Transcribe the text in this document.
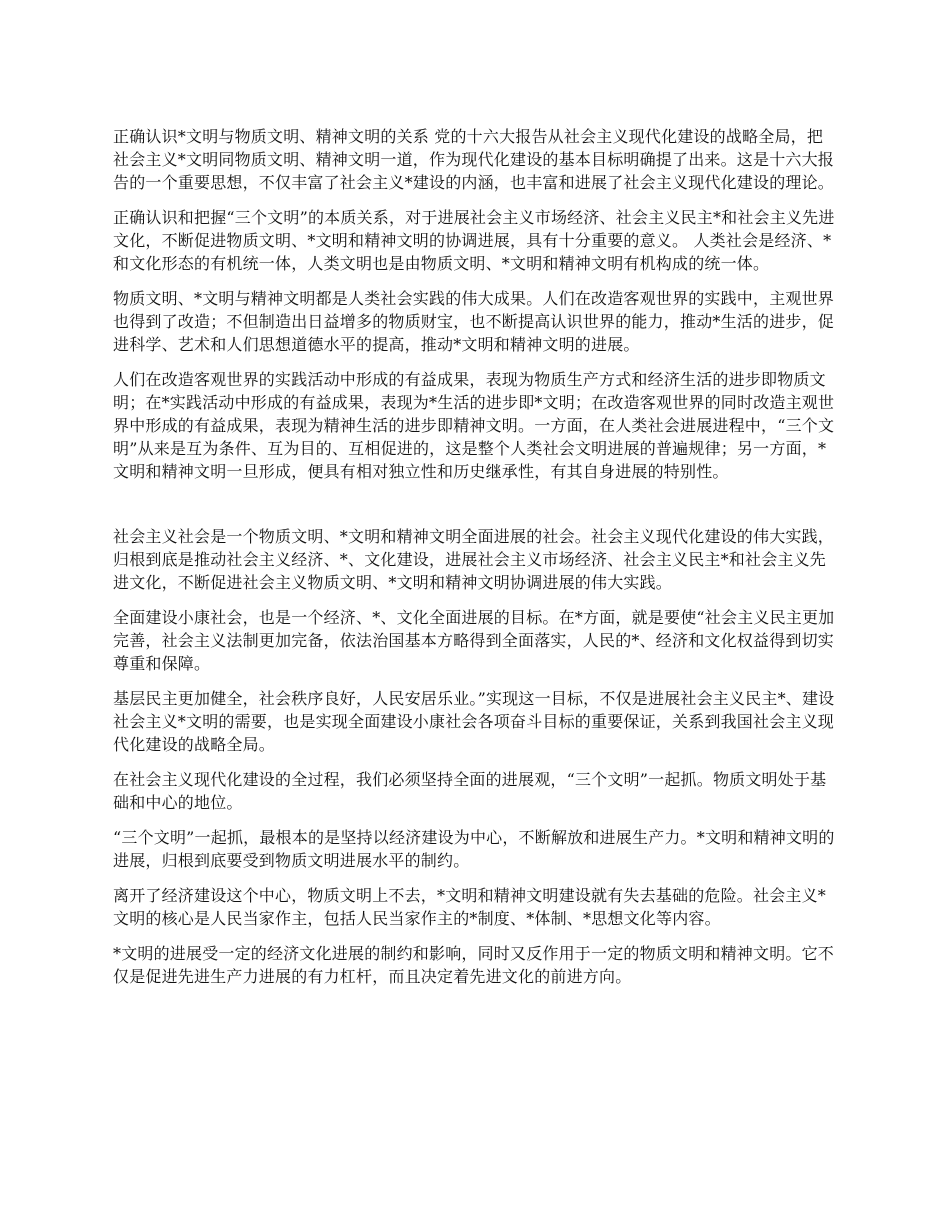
正确认识*文明与物质文明、精神文明的关系 党的十六大报告从社会主义现代化建设的战略全局，把社会主义*文明同物质文明、精神文明一道，作为现代化建设的基本目标明确提了出来。这是十六大报告的一个重要思想，不仅丰富了社会主义*建设的内涵，也丰富和进展了社会主义现代化建设的理论。

正确认识和把握“三个文明”的本质关系，对于进展社会主义市场经济、社会主义民主*和社会主义先进文化，不断促进物质文明、*文明和精神文明的协调进展，具有十分重要的意义。 人类社会是经济、*和文化形态的有机统一体，人类文明也是由物质文明、*文明和精神文明有机构成的统一体。

物质文明、*文明与精神文明都是人类社会实践的伟大成果。人们在改造客观世界的实践中，主观世界也得到了改造；不但制造出日益增多的物质财宝，也不断提高认识世界的能力，推动*生活的进步，促进科学、艺术和人们思想道德水平的提高，推动*文明和精神文明的进展。

人们在改造客观世界的实践活动中形成的有益成果，表现为物质生产方式和经济生活的进步即物质文明；在*实践活动中形成的有益成果，表现为*生活的进步即*文明；在改造客观世界的同时改造主观世界中形成的有益成果，表现为精神生活的进步即精神文明。一方面，在人类社会进展进程中，“三个文明”从来是互为条件、互为目的、互相促进的，这是整个人类社会文明进展的普遍规律；另一方面，*文明和精神文明一旦形成，便具有相对独立性和历史继承性，有其自身进展的特别性。

社会主义社会是一个物质文明、*文明和精神文明全面进展的社会。社会主义现代化建设的伟大实践，归根到底是推动社会主义经济、*、文化建设，进展社会主义市场经济、社会主义民主*和社会主义先进文化，不断促进社会主义物质文明、*文明和精神文明协调进展的伟大实践。

全面建设小康社会，也是一个经济、*、文化全面进展的目标。在*方面，就是要使“社会主义民主更加完善，社会主义法制更加完备，依法治国基本方略得到全面落实，人民的*、经济和文化权益得到切实尊重和保障。

基层民主更加健全，社会秩序良好，人民安居乐业。”实现这一目标，不仅是进展社会主义民主*、建设社会主义*文明的需要，也是实现全面建设小康社会各项奋斗目标的重要保证，关系到我国社会主义现代化建设的战略全局。

在社会主义现代化建设的全过程，我们必须坚持全面的进展观，“三个文明”一起抓。物质文明处于基础和中心的地位。

“三个文明”一起抓，最根本的是坚持以经济建设为中心，不断解放和进展生产力。*文明和精神文明的进展，归根到底要受到物质文明进展水平的制约。

离开了经济建设这个中心，物质文明上不去，*文明和精神文明建设就有失去基础的危险。社会主义*文明的核心是人民当家作主，包括人民当家作主的*制度、*体制、*思想文化等内容。

*文明的进展受一定的经济文化进展的制约和影响，同时又反作用于一定的物质文明和精神文明。它不仅是促进先进生产力进展的有力杠杆，而且决定着先进文化的前进方向。
